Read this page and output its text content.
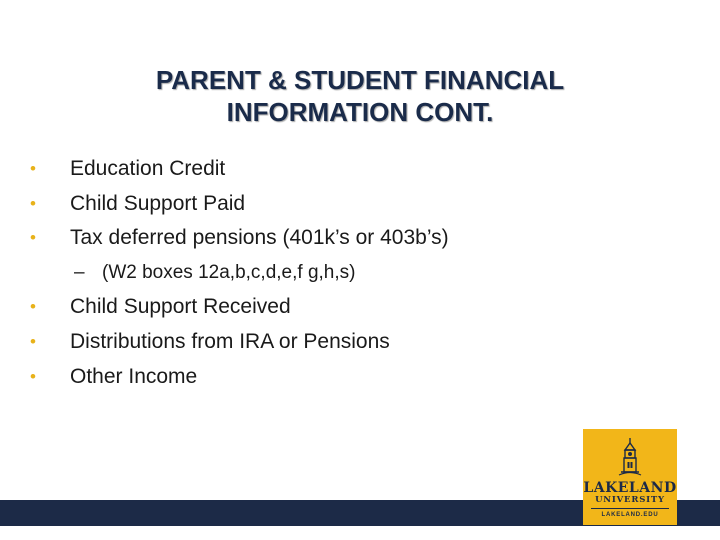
PARENT & STUDENT FINANCIAL
INFORMATION CONT.
• Education Credit
• Child Support Paid
• Tax deferred pensions (401k’s or 403b’s)
– (W2 boxes 12a,b,c,d,e,f g,h,s)
• Child Support Received
• Distributions from IRA or Pensions
• Other Income
LAKELAND
UNIVERSITY
LAKELAND.EDU
